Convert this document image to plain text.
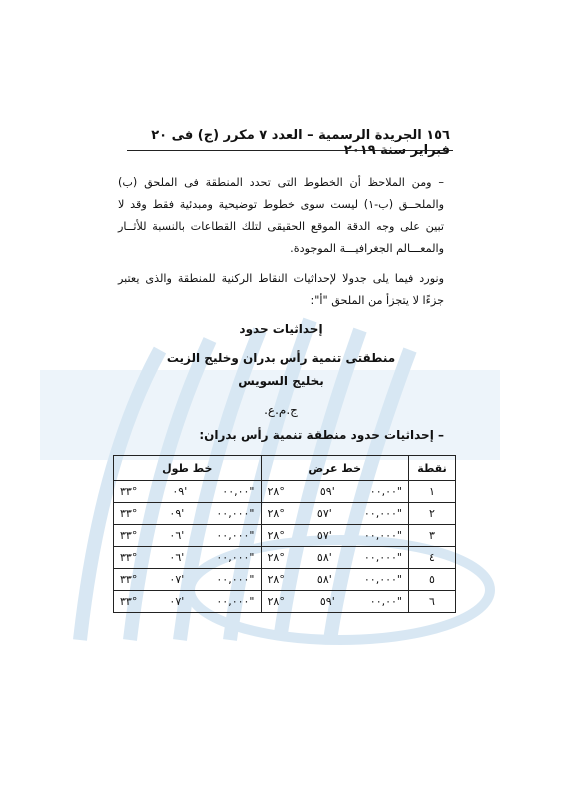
١٥٦ الجريدة الرسمية – العدد ٧ مكرر (ج) فى ٢٠ فبراير سنة ٢٠١٩
– ومن الملاحظ أن الخطوط التى تحدد المنطقة فى الملحق (ب) والملحــق (ب-١) ليست سوى خطوط توضيحية ومبدئية فقط وقد لا تبين على وجه الدقة الموقع الحقيقى لتلك القطاعات بالنسبة للأثــار والمعـــالم الجغرافيـــة الموجودة.
ونورد فيما يلى جدولا لإحداثيات النقاط الركنية للمنطقة والذى يعتبر جزءًا لا يتجزأ من الملحق "أ":
إحداثيات حدود
منطقتى تنمية رأس بدران وخليج الزيت
بخليج السويس
ج.م.ع.
– إحداثيات حدود منطقة تنمية رأس بدران:
نقطة	خط عرض	خط طول
١	٢٨° ٥٩' ٠٠,٠٠"	٣٣° ٠٩' ٠٠,٠٠"

٢	٢٨° ٥٧' ٠٠,٠٠٠"	٣٣° ٠٩' ٠٠,٠٠٠"

٣	٢٨° ٥٧' ٠٠,٠٠٠"	٣٣° ٠٦' ٠٠,٠٠٠"

٤	٢٨° ٥٨' ٠٠,٠٠٠"	٣٣° ٠٦' ٠٠,٠٠٠"

٥	٢٨° ٥٨' ٠٠,٠٠٠"	٣٣° ٠٧' ٠٠,٠٠٠"

٦	٢٨° ٥٩' ٠٠,٠٠"	٣٣° ٠٧' ٠٠,٠٠٠"
